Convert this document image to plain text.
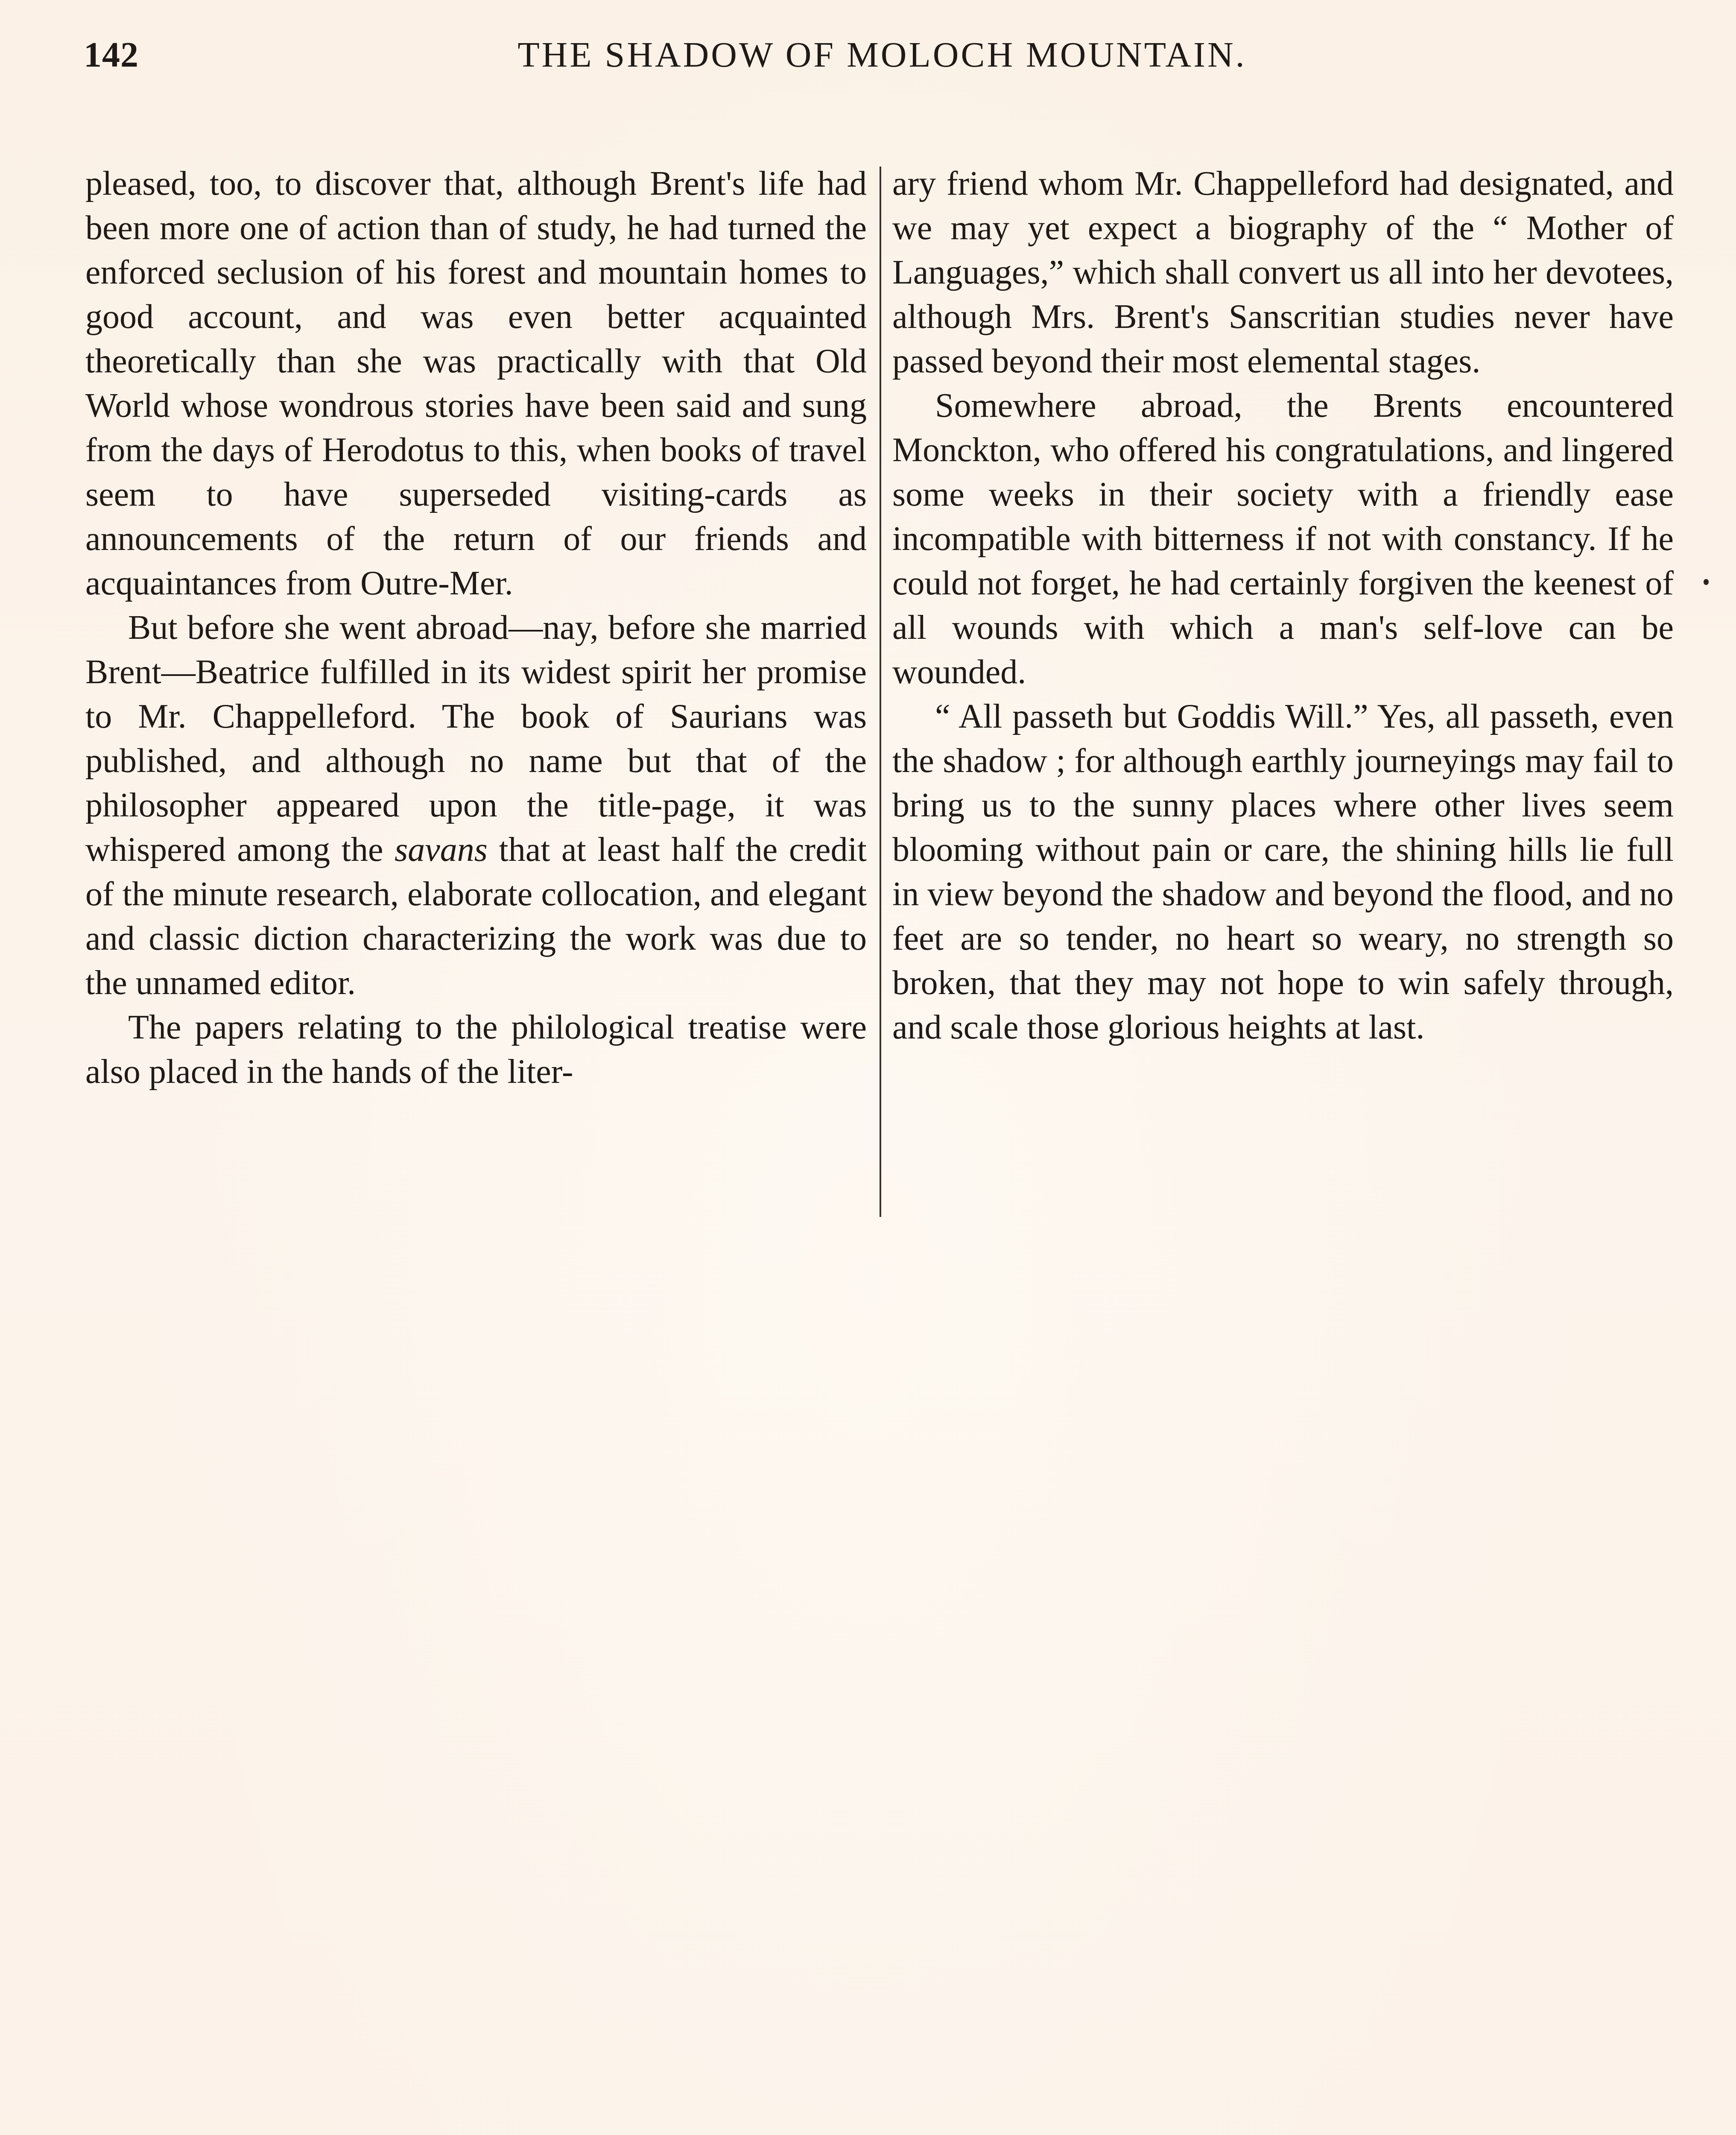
142	THE SHADOW OF MOLOCH MOUNTAIN.

pleased, too, to discover that, although Brent's life had been more one of action than of study, he had turned the enforced seclusion of his forest and mountain homes to good account, and was even better acquainted theoretically than she was practically with that Old World whose wondrous stories have been said and sung from the days of Herodotus to this, when books of travel seem to have superseded visiting-cards as announcements of the return of our friends and acquaintances from Outre-Mer.

But before she went abroad—nay, before she married Brent—Beatrice fulfilled in its widest spirit her promise to Mr. Chappelleford. The book of Saurians was published, and although no name but that of the philosopher appeared upon the title-page, it was whispered among the savans that at least half the credit of the minute research, elaborate collocation, and elegant and classic diction characterizing the work was due to the unnamed editor.

The papers relating to the philological treatise were also placed in the hands of the liter-

ary friend whom Mr. Chappelleford had designated, and we may yet expect a biography of the “ Mother of Languages,” which shall convert us all into her devotees, although Mrs. Brent's Sanscritian studies never have passed beyond their most elemental stages.

Somewhere abroad, the Brents encountered Monckton, who offered his congratulations, and lingered some weeks in their society with a friendly ease incompatible with bitterness if not with constancy. If he could not forget, he had certainly forgiven the keenest of all wounds with which a man's self-love can be wounded.

“ All passeth but Goddis Will.” Yes, all passeth, even the shadow ; for although earthly journeyings may fail to bring us to the sunny places where other lives seem blooming without pain or care, the shining hills lie full in view beyond the shadow and beyond the flood, and no feet are so tender, no heart so weary, no strength so broken, that they may not hope to win safely through, and scale those glorious heights at last.
